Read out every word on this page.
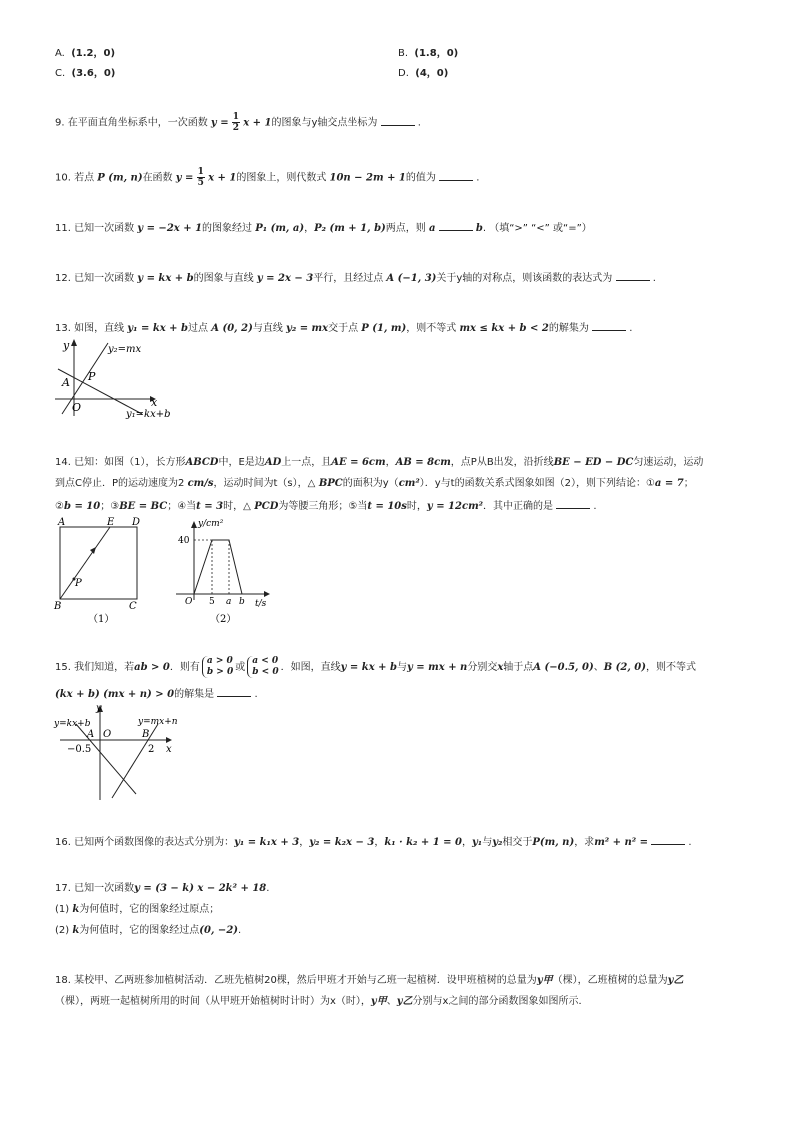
A. (1.2，0)	B. (1.8，0)
C. (3.6，0)	D. (4，0)
9. 在平面直角坐标系中，一次函数 $y = \frac{1}{2}$ x + 1的图象与y轴交点坐标为	.
10. 若点 P (m, n)在函数 $y = \frac{1}{5}$ x + 1的图象上，则代数式 10n − 2m + 1的值为	.
11. 已知一次函数 y = −2x + 1的图象经过 P₁ (m, a)，P₂ (m + 1, b)两点，则 a	b. （填“>” “<” 或“=”）
12. 已知一次函数 y = kx + b的图象与直线 y = 2x − 3平行，且经过点 A (−1, 3)关于y轴的对称点，则该函数的表达式为	.
13. 如图，直线 y₁ = kx + b过点 A (0, 2)与直线 y₂ = mx交于点 P (1, m)，则不等式 mx ≤ kx + b < 2的解集为	.
y
x
O
A P
y₂=mx
y₁=kx+b
14. 已知：如图（1），长方形ABCD中，E是边AD上一点，且AE = 6cm，AB = 8cm，点P从B出发，沿折线BE − ED − DC匀速运动，运动
到点C停止．P的运动速度为2 cm/s，运动时间为t（s），△ BPC的面积为y（cm²）．y与t的函数关系式图象如图（2），则下列结论：①a = 7；
②b = 10；③BE = BC；④当t = 3时，△ PCD为等腰三角形；⑤当t = 10s时，y = 12cm²．其中正确的是	.
A	E D
B	C
P
（1）
y/cm²
40
O 5 a b t/s
（2）
15. 我们知道，若ab > 0．则有
a > 0
b > 0 或
a < 0
b < 0 ．如图，直线y = kx + b与y = mx + n分别交x轴于点A (−0.5, 0)、B (2, 0)，则不等式
(kx + b) (mx + n) > 0的解集是	.
y
y=kx+b	y=mx+n
A O	B
−0.5	2 x
16. 已知两个函数图像的表达式分别为：y₁ = k₁x + 3，y₂ = k₂x − 3，k₁ · k₂ + 1 = 0，y₁与y₂相交于P(m, n)，求m² + n² =	.
17. 已知一次函数y = (3 − k) x − 2k² + 18.
(1) k为何值时，它的图象经过原点；
(2) k为何值时，它的图象经过点(0, −2).
18. 某校甲、乙两班参加植树活动．乙班先植树20棵，然后甲班才开始与乙班一起植树．设甲班植树的总量为y甲（棵），乙班植树的总量为y乙
（棵），两班一起植树所用的时间（从甲班开始植树时计时）为x（时），y甲、y乙分别与x之间的部分函数图象如图所示．
